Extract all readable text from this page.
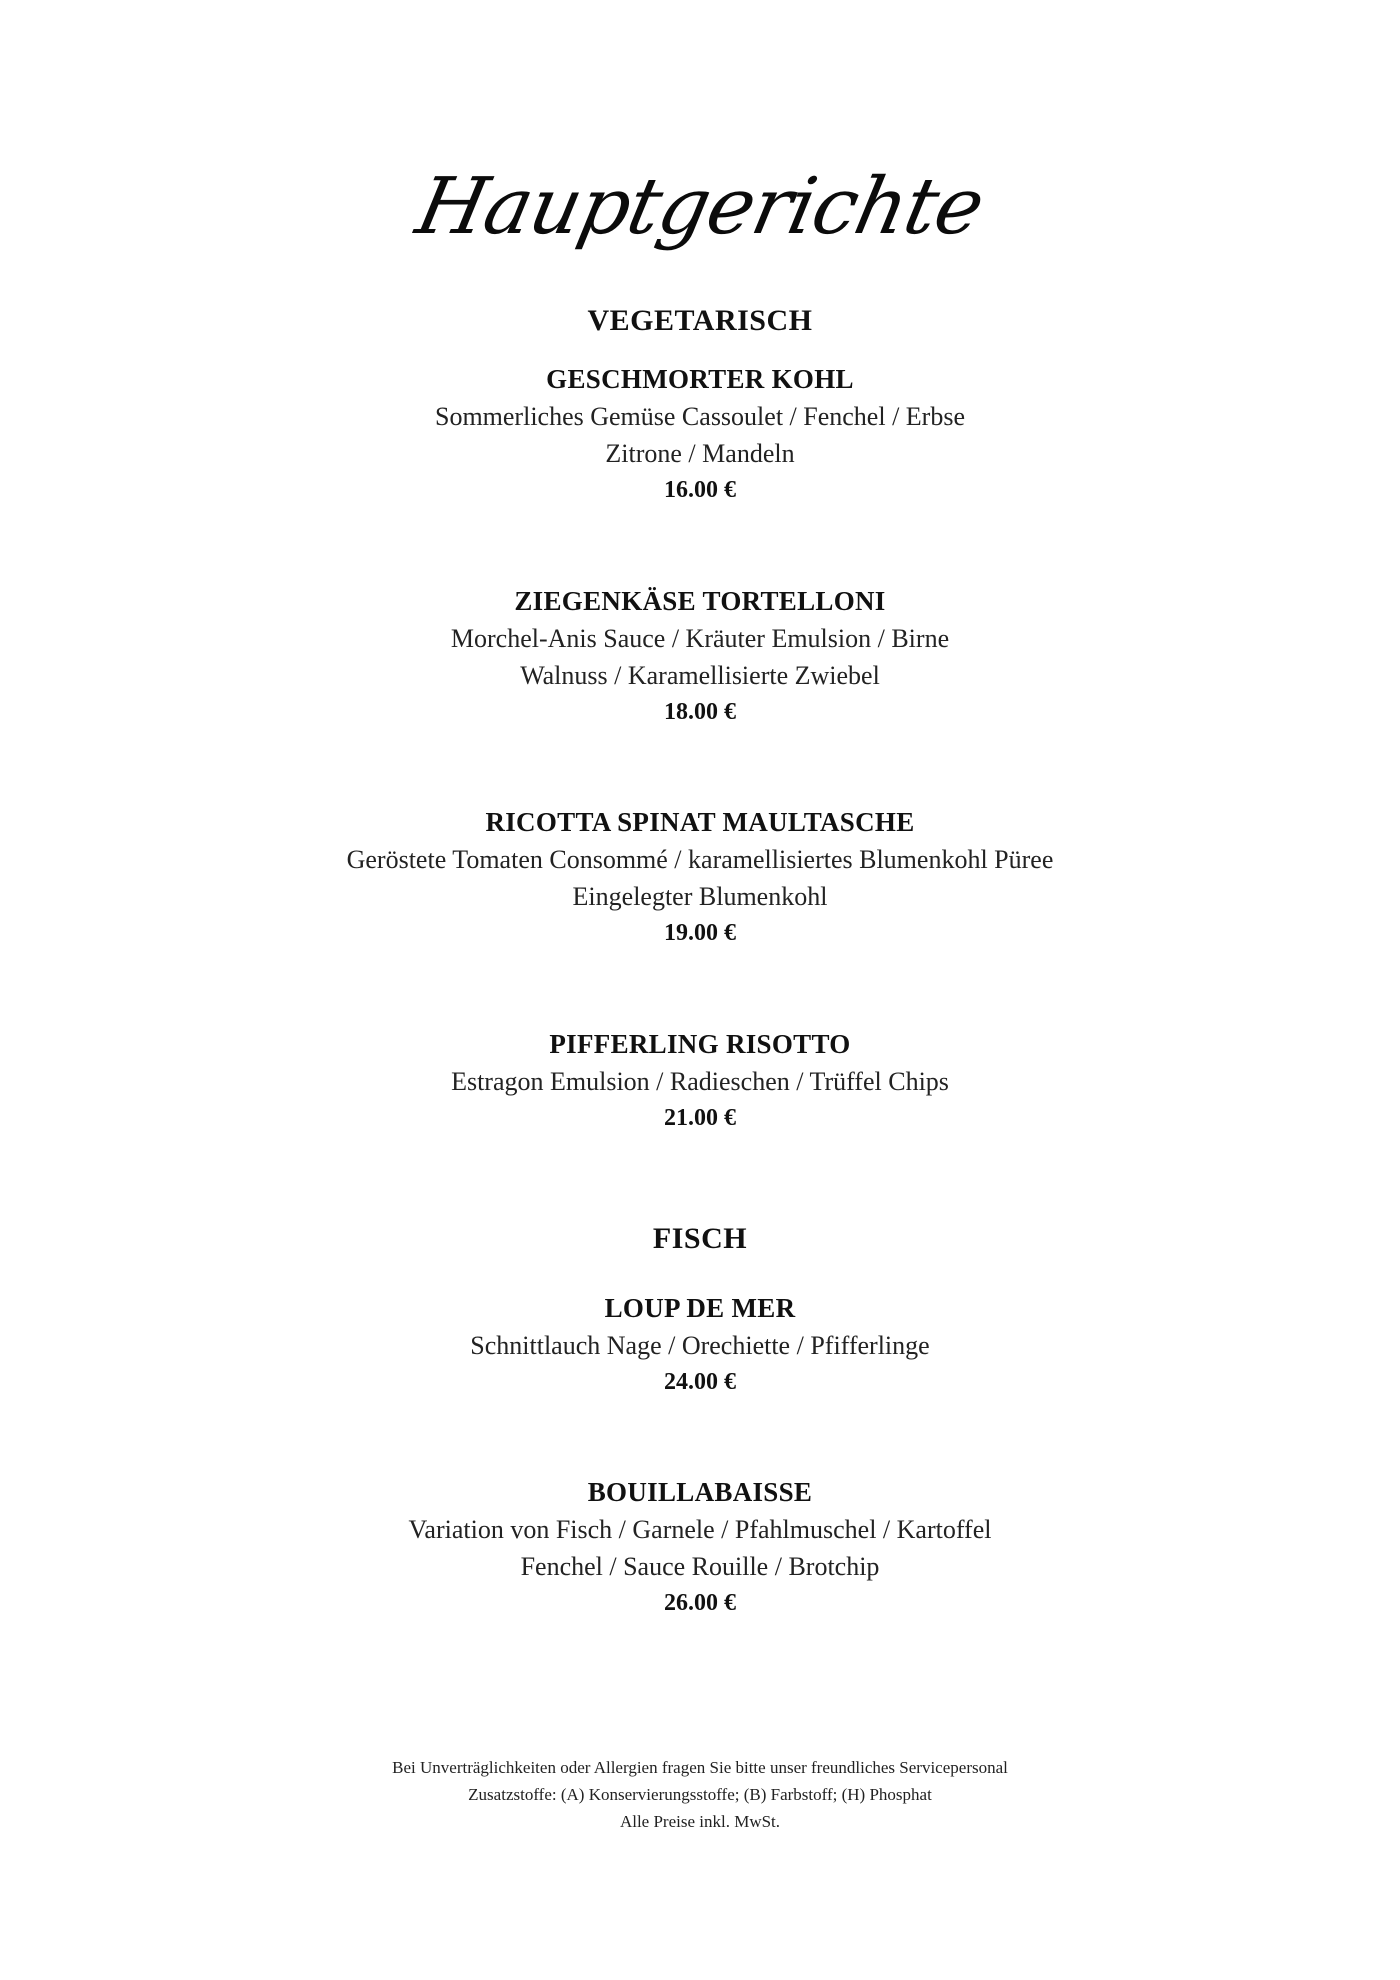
Hauptgerichte
VEGETARISCH
GESCHMORTER KOHL
Sommerliches Gemüse Cassoulet / Fenchel / Erbse
Zitrone / Mandeln
16.00 €
ZIEGENKÄSE TORTELLONI
Morchel-Anis Sauce / Kräuter Emulsion / Birne
Walnuss / Karamellisierte Zwiebel
18.00 €
RICOTTA SPINAT MAULTASCHE
Geröstete Tomaten Consommé / karamellisiertes Blumenkohl Püree
Eingelegter Blumenkohl
19.00 €
PIFFERLING RISOTTO
Estragon Emulsion / Radieschen / Trüffel Chips
21.00 €
FISCH
LOUP DE MER
Schnittlauch Nage / Orechiette / Pfifferlinge
24.00 €
BOUILLABAISSE
Variation von Fisch / Garnele / Pfahlmuschel / Kartoffel
Fenchel / Sauce Rouille / Brotchip
26.00 €
Bei Unverträglichkeiten oder Allergien fragen Sie bitte unser freundliches Servicepersonal
Zusatzstoffe: (A) Konservierungsstoffe; (B) Farbstoff; (H) Phosphat
Alle Preise inkl. MwSt.
